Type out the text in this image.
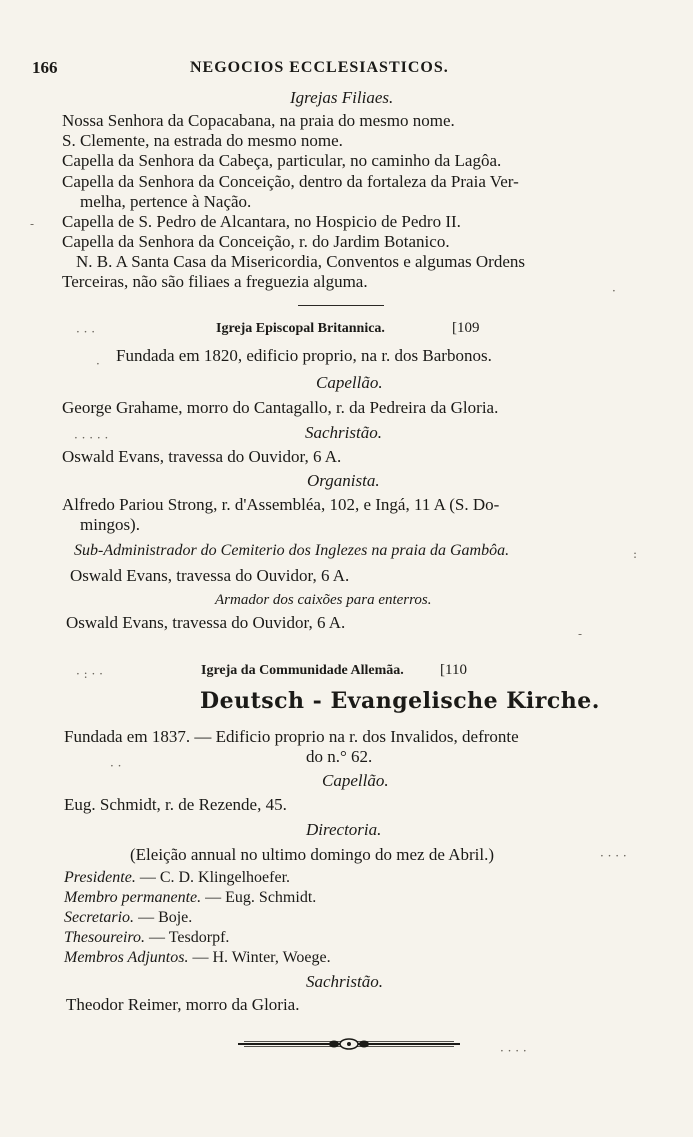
166	NEGOCIOS ECCLESIASTICOS.
Igrejas Filiaes.
Nossa Senhora da Copacabana, na praia do mesmo nome.
S. Clemente, na estrada do mesmo nome.
Capella da Senhora da Cabeça, particular, no caminho da Lagôa.
Capella da Senhora da Conceição, dentro da fortaleza da Praia Ver-
melha, pertence à Nação.
Capella de S. Pedro de Alcantara, no Hospicio de Pedro II.
Capella da Senhora da Conceição, r. do Jardim Botanico.
N. B. A Santa Casa da Misericordia, Conventos e algumas Ordens
Terceiras, não são filiaes a freguezia alguma.
Igreja Episcopal Britannica.	[109
Fundada em 1820, edificio proprio, na r. dos Barbonos.
Capellão.
George Grahame, morro do Cantagallo, r. da Pedreira da Gloria.
Sachristão.
Oswald Evans, travessa do Ouvidor, 6 A.
Organista.
Alfredo Pariou Strong, r. d'Assembléa, 102, e Ingá, 11 A (S. Do-
mingos).
Sub-Administrador do Cemiterio dos Inglezes na praia da Gambôa.
Oswald Evans, travessa do Ouvidor, 6 A.
Armador dos caixões para enterros.
Oswald Evans, travessa do Ouvidor, 6 A.
Igreja da Communidade Allemãa. [110
Deutsch - Evangelische Kirche.
Fundada em 1837. — Edificio proprio na r. dos Invalidos, defronte
do n.° 62.
Capellão.
Eug. Schmidt, r. de Rezende, 45.
Directoria.
(Eleição annual no ultimo domingo do mez de Abril.)
Presidente. — C. D. Klingelhoefer.
Membro permanente. — Eug. Schmidt.
Secretario. — Boje.
Thesoureiro. — Tesdorpf.
Membros Adjuntos. — H. Winter, Woege.
Sachristão.
Theodor Reimer, morro da Gloria.
·
· · ·
· · · · ·
· : · ·
-
·
:
-
· · · ·
· ·
· · · ·
